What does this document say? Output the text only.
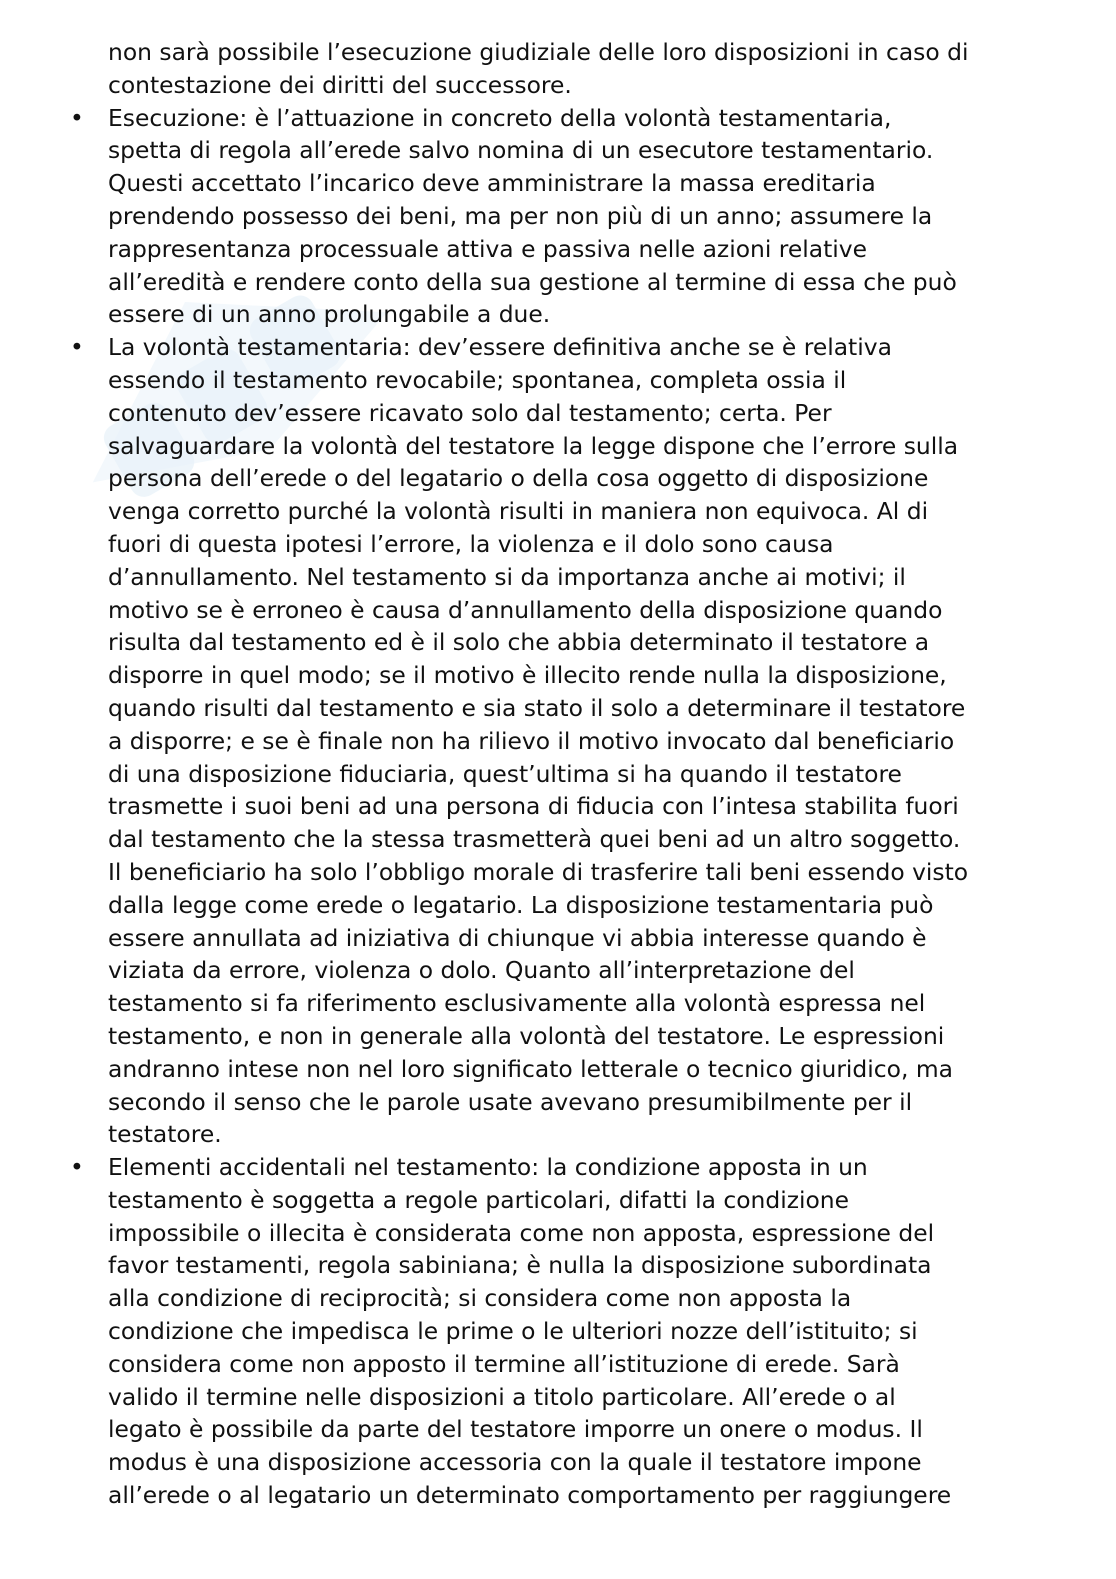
non sarà possibile l’esecuzione giudiziale delle loro disposizioni in caso di
contestazione dei diritti del successore.
• Esecuzione: è l’attuazione in concreto della volontà testamentaria,
spetta di regola all’erede salvo nomina di un esecutore testamentario.
Questi accettato l’incarico deve amministrare la massa ereditaria
prendendo possesso dei beni, ma per non più di un anno; assumere la
rappresentanza processuale attiva e passiva nelle azioni relative
all’eredità e rendere conto della sua gestione al termine di essa che può
essere di un anno prolungabile a due.
• La volontà testamentaria: dev’essere definitiva anche se è relativa
essendo il testamento revocabile; spontanea, completa ossia il
contenuto dev’essere ricavato solo dal testamento; certa. Per
salvaguardare la volontà del testatore la legge dispone che l’errore sulla
persona dell’erede o del legatario o della cosa oggetto di disposizione
venga corretto purché la volontà risulti in maniera non equivoca. Al di
fuori di questa ipotesi l’errore, la violenza e il dolo sono causa
d’annullamento. Nel testamento si da importanza anche ai motivi; il
motivo se è erroneo è causa d’annullamento della disposizione quando
risulta dal testamento ed è il solo che abbia determinato il testatore a
disporre in quel modo; se il motivo è illecito rende nulla la disposizione,
quando risulti dal testamento e sia stato il solo a determinare il testatore
a disporre; e se è finale non ha rilievo il motivo invocato dal beneficiario
di una disposizione fiduciaria, quest’ultima si ha quando il testatore
trasmette i suoi beni ad una persona di fiducia con l’intesa stabilita fuori
dal testamento che la stessa trasmetterà quei beni ad un altro soggetto.
Il beneficiario ha solo l’obbligo morale di trasferire tali beni essendo visto
dalla legge come erede o legatario. La disposizione testamentaria può
essere annullata ad iniziativa di chiunque vi abbia interesse quando è
viziata da errore, violenza o dolo. Quanto all’interpretazione del
testamento si fa riferimento esclusivamente alla volontà espressa nel
testamento, e non in generale alla volontà del testatore. Le espressioni
andranno intese non nel loro significato letterale o tecnico giuridico, ma
secondo il senso che le parole usate avevano presumibilmente per il
testatore.
• Elementi accidentali nel testamento: la condizione apposta in un
testamento è soggetta a regole particolari, difatti la condizione
impossibile o illecita è considerata come non apposta, espressione del
favor testamenti, regola sabiniana; è nulla la disposizione subordinata
alla condizione di reciprocità; si considera come non apposta la
condizione che impedisca le prime o le ulteriori nozze dell’istituito; si
considera come non apposto il termine all’istituzione di erede. Sarà
valido il termine nelle disposizioni a titolo particolare. All’erede o al
legato è possibile da parte del testatore imporre un onere o modus. Il
modus è una disposizione accessoria con la quale il testatore impone
all’erede o al legatario un determinato comportamento per raggiungere
